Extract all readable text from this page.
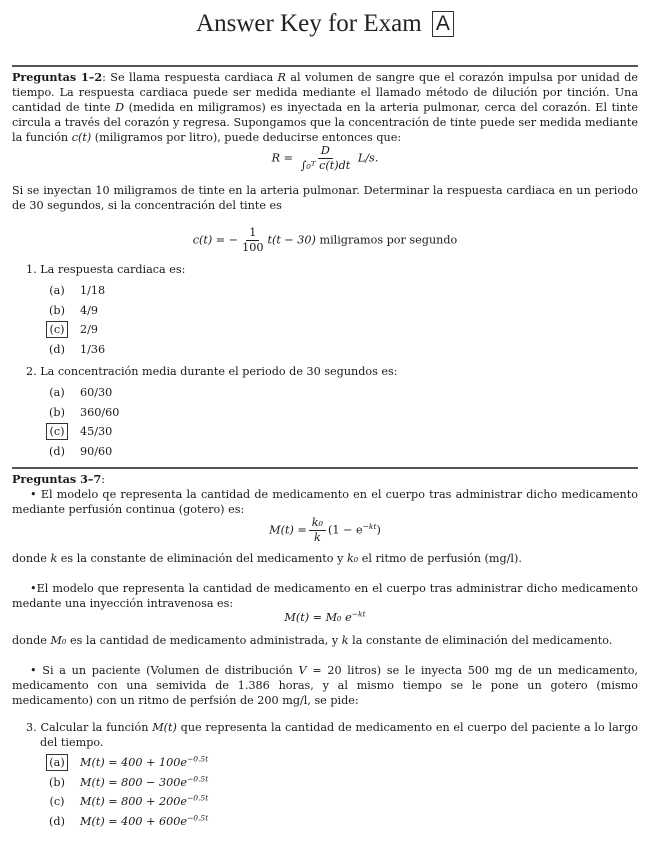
Answer Key for Exam A

Preguntas 1–2: Se llama respuesta cardiaca R al volumen de sangre que el corazón impulsa por unidad de tiempo. La respuesta cardiaca puede ser medida mediante el llamado método de dilución por tinción. Una cantidad de tinte D (medida en miligramos) es inyectada en la arteria pulmonar, cerca del corazón. El tinte circula a través del corazón y regresa. Supongamos que la concentración de tinte puede ser medida mediante la función c(t) (miligramos por litro), puede deducirse entonces que:

$R = \frac{D}{\text{∫₀ᵀ c(t)dt}} L/s$.

Si se inyectan 10 miligramos de tinte en la arteria pulmonar. Determinar la respuesta cardiaca en un periodo de 30 segundos, si la concentración del tinte es

c(t) = − $\frac{1}{100} t(t - 30)$ miligramos por segundo

1. La respuesta cardiaca es:

(a) 1/18
(b) 4/9
(c)	2/9
(d) 1/36

2. La concentración media durante el periodo de 30 segundos es:

(a) 60/30
(b) 360/60
(c)	45/30
(d) 90/60

Preguntas 3–7:

• El modelo qe representa la cantidad de medicamento en el cuerpo tras administrar dicho medicamento mediante perfusión continua (gotero) es:

$M(t) = \frac{\text{k₀}}{k} (1 - e^{-kt})$

donde k es la constante de eliminación del medicamento y k₀ el ritmo de perfusión (mg/l).

•El modelo que representa la cantidad de medicamento en el cuerpo tras administrar dicho medicamento medante una inyección intravenosa es:

M(t) = M₀ $e^{-kt}$

donde M₀ es la cantidad de medicamento administrada, y k la constante de eliminación del medicamento.

• Si a un paciente (Volumen de distribución V = 20 litros) se le inyecta 500 mg de un medicamento, medicamento con una semivida de 1.386 horas, y al mismo tiempo se le pone un gotero (mismo medicamento) con un ritmo de perfsión de 200 mg/l, se pide:

3. Calcular la función M(t) que representa la cantidad de medicamento en el cuerpo del paciente a lo largo del tiempo.

(a) $M(t) = 400 + 100e^{-0.5t}$
(b) $M(t) = 800 - 300e^{-0.5t}$
(c)	$M(t) = 800 + 200e^{-0.5t}$
(d) $M(t) = 400 + 600e^{-0.5t}$
